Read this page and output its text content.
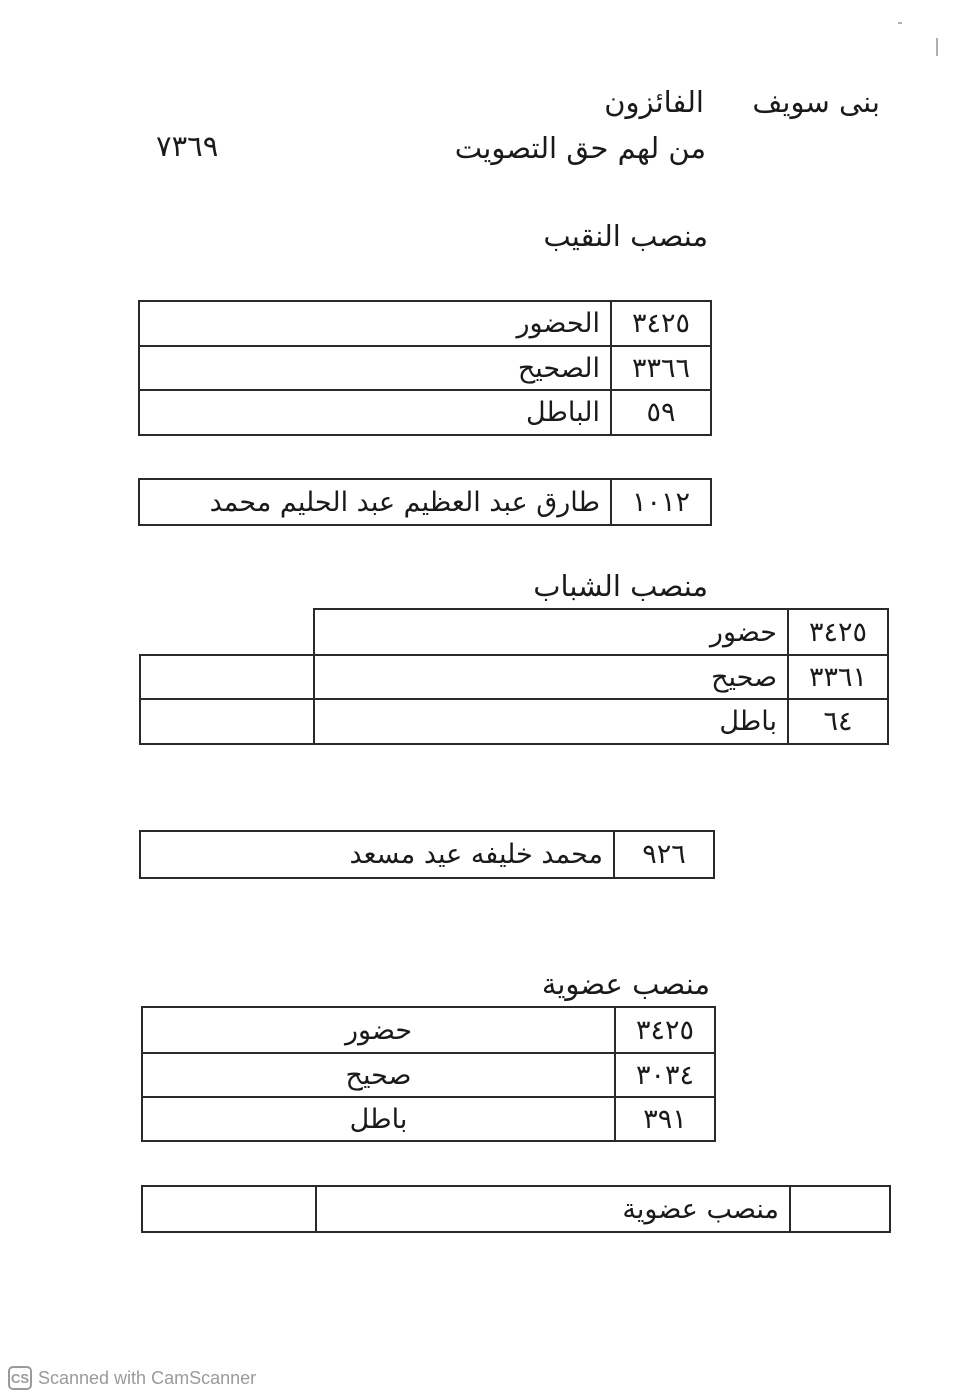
بنى سويف
الفائزون
من لهم حق التصويت
٧٣٦٩
منصب النقيب
الحضور	٣٤٢٥
الصحيح	٣٣٦٦
الباطل	٥٩
طارق عبد العظيم عبد الحليم محمد	١٠١٢
منصب الشباب
	حضور	٣٤٢٥
	صحيح	٣٣٦١
	باطل	٦٤
محمد خليفه عيد مسعد	٩٢٦
منصب عضوية
حضور	٣٤٢٥
صحيح	٣٠٣٤
باطل	٣٩١
	منصب عضوية	
CS Scanned with CamScanner
